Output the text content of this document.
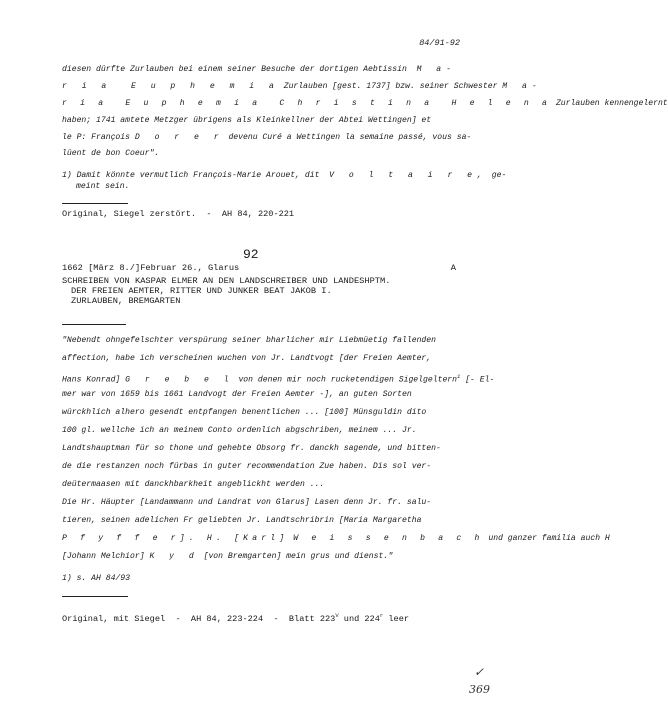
84/91-92
diesen dürfte Zurlauben bei einem seiner Besuche der dortigen Aebtissin M a-
r i a  E u p h e m i a Zurlauben [gest. 1737] bzw. seiner Schwester M a-
r i a  E u p h e m i a  C h r i s t i n a  H e l e n a Zurlauben kennengelernt
haben; 1741 amtete Metzger übrigens als Kleinkellner der Abtei Wettingen] et
le P: François D o r e r devenu Curé a Wettingen la semaine passé, vous sa-
lüent de bon Coeur".
1) Damit könnte vermutlich François-Marie Arouet, dit V o l t a i r e, ge-
meint sein.
Original, Siegel zerstört.  -  AH 84, 220-221
92
1662 [März 8./]Februar 26., Glarus	A
SCHREIBEN VON KASPAR ELMER AN DEN LANDSCHREIBER UND LANDESHPTM.
DER FREIEN AEMTER, RITTER UND JUNKER BEAT JAKOB I.
ZURLAUBEN, BREMGARTEN
"Nebendt ohngefelschter verspürung seiner bharlicher mir Liebmüetig fallenden
affection, habe ich verscheinen wuchen von Jr. Landtvogt [der Freien Aemter,
Hans Konrad] G r e b e l von denen mir noch rucketendigen Sigelgeltern$^1$ [- El-
mer war von 1659 bis 1661 Landvogt der Freien Aemter -], an guten Sorten
würckhlich alhero gesendt entpfangen benentlichen ... [100] Münsguldin dito
100 gl. wellche ich an meinem Conto ordenlich abgschriben, meinem ... Jr.
Landtshauptman für so thone und gehebte Obsorg fr. danckh sagende, und bitten-
de die restanzen noch fürbas in guter recommendation Zue haben. Dis sol ver-
deütermaasen mit danckhbarkheit angeblickht werden ...
Die Hr. Häupter [Landammann und Landrat von Glarus] Lasen denn Jr. fr. salu-
tieren, seinen adelichen Fr geliebten Jr. Landtschribrin [Maria Margaretha
P f y f f e r]. H. [Karl] W e i s s e n b a c h und ganzer familia auch H
[Johann Melchior] K y d [von Bremgarten] mein grus und dienst."
1) s. AH 84/93
Original, mit Siegel  -  AH 84, 223-224  -  Blatt $223^V$ und 224$^r$ leer
✓
369
